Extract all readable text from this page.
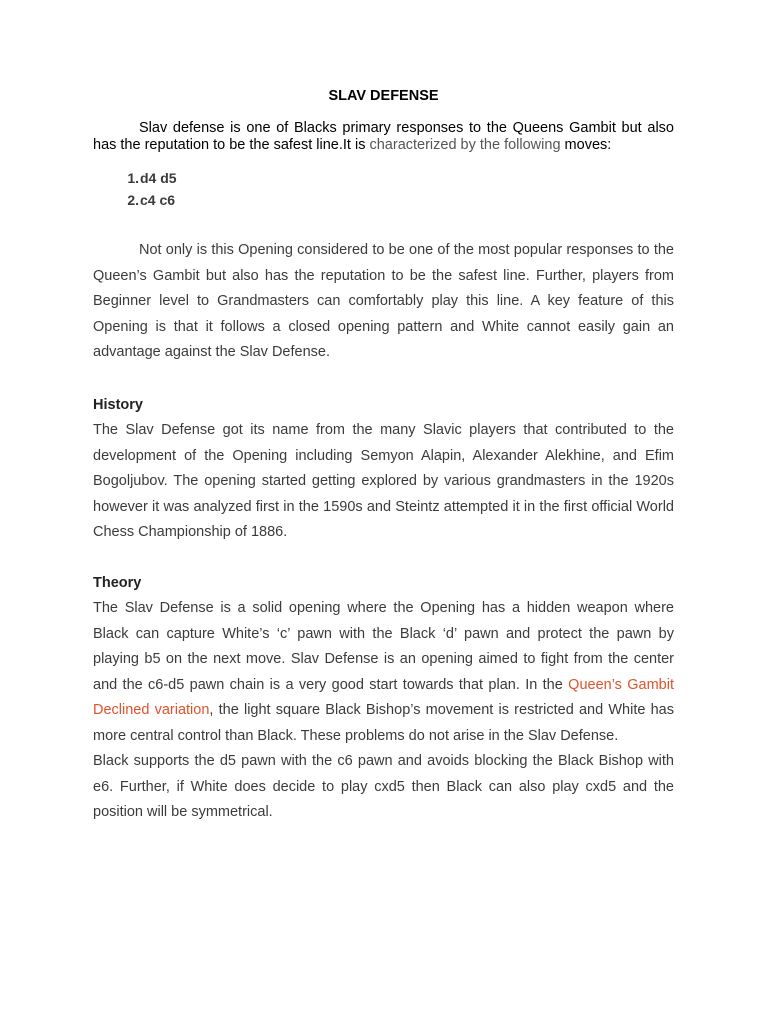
SLAV DEFENSE

Slav defense is one of Blacks primary responses to the Queens Gambit but also has the reputation to be the safest line.It is characterized by the following moves:

1. d4 d5
2. c4 c6

Not only is this Opening considered to be one of the most popular responses to the Queen’s Gambit but also has the reputation to be the safest line. Further, players from Beginner level to Grandmasters can comfortably play this line. A key feature of this Opening is that it follows a closed opening pattern and White cannot easily gain an advantage against the Slav Defense.

History

The Slav Defense got its name from the many Slavic players that contributed to the development of the Opening including Semyon Alapin, Alexander Alekhine, and Efim Bogoljubov. The opening started getting explored by various grandmasters in the 1920s however it was analyzed first in the 1590s and Steintz attempted it in the first official World Chess Championship of 1886.

Theory

The Slav Defense is a solid opening where the Opening has a hidden weapon where Black can capture White’s ‘c’ pawn with the Black ‘d’ pawn and protect the pawn by playing b5 on the next move. Slav Defense is an opening aimed to fight from the center and the c6-d5 pawn chain is a very good start towards that plan. In the Queen’s Gambit Declined variation, the light square Black Bishop’s movement is restricted and White has more central control than Black. These problems do not arise in the Slav Defense.

Black supports the d5 pawn with the c6 pawn and avoids blocking the Black Bishop with e6. Further, if White does decide to play cxd5 then Black can also play cxd5 and the position will be symmetrical.
